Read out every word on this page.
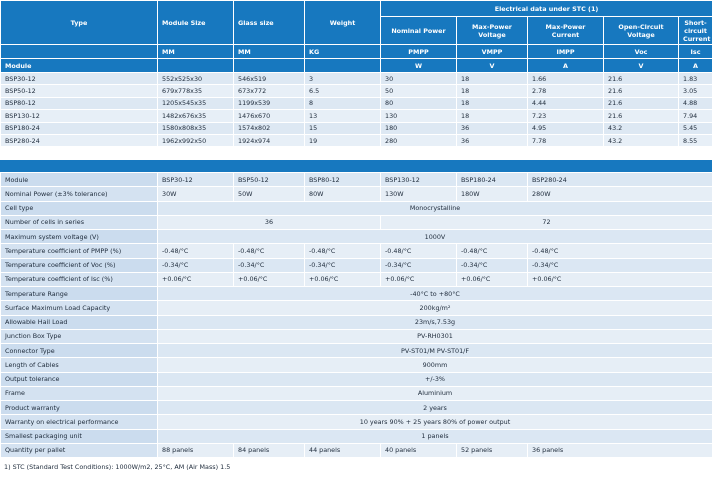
Type	Module Size	Glass size	Weight	Electrical data under STC (1)				
				Nominal Power	Max-Power Voltage	Max-Power Current	Open-Circuit Voltage	Short-circuit Current
	MM	MM	KG	PMPP	VMPP	IMPP	Voc	Isc
Module				W	V	A	V	A
BSP30-12	552x525x30	546x519	3	30	18	1.66	21.6	1.83
BSP50-12	679x778x35	673x772	6.5	50	18	2.78	21.6	3.05
BSP80-12	1205x545x35	1199x539	8	80	18	4.44	21.6	4.88
BSP130-12	1482x676x35	1476x670	13	130	18	7.23	21.6	7.94
BSP180-24	1580x808x35	1574x802	15	180	36	4.95	43.2	5.45
BSP280-24	1962x992x50	1924x974	19	280	36	7.78	43.2	8.55
Module	BSP30-12	BSP50-12	BSP80-12	BSP130-12	BSP180-24	BSP280-24
Nominal Power (±3% tolerance)	30W	50W	80W	130W	180W	280W
Cell type	Monocrystalline					
Number of cells in series	36			72		
Maximum system voltage (V)	1000V					
Temperature coefficient of PMPP (%)	-0.48/°C	-0.48/°C	-0.48/°C	-0.48/°C	-0.48/°C	-0.48/°C
Temperature coefficient of Voc (%)	-0.34/°C	-0.34/°C	-0.34/°C	-0.34/°C	-0.34/°C	-0.34/°C
Temperature coefficient of Isc (%)	+0.06/°C	+0.06/°C	+0.06/°C	+0.06/°C	+0.06/°C	+0.06/°C
Temperature Range	-40°C to +80°C					
Surface Maximum Load Capacity	200kg/m²					
Allowable Hail Load	23m/s,7.53g					
Junction Box Type	PV-RH0301					
Connector Type	PV-ST01/M PV-ST01/F					
Length of Cables	900mm					
Output tolerance	+/-3%					
Frame	Aluminium					
Product warranty	2 years					
Warranty on electrical performance	10 years 90% + 25 years 80% of power output					
Smallest packaging unit	1 panels					
Quantity per pallet	88 panels	84 panels	44 panels	40 panels	52 panels	36 panels
1) STC (Standard Test Conditions): 1000W/m2, 25°C, AM (Air Mass) 1.5
